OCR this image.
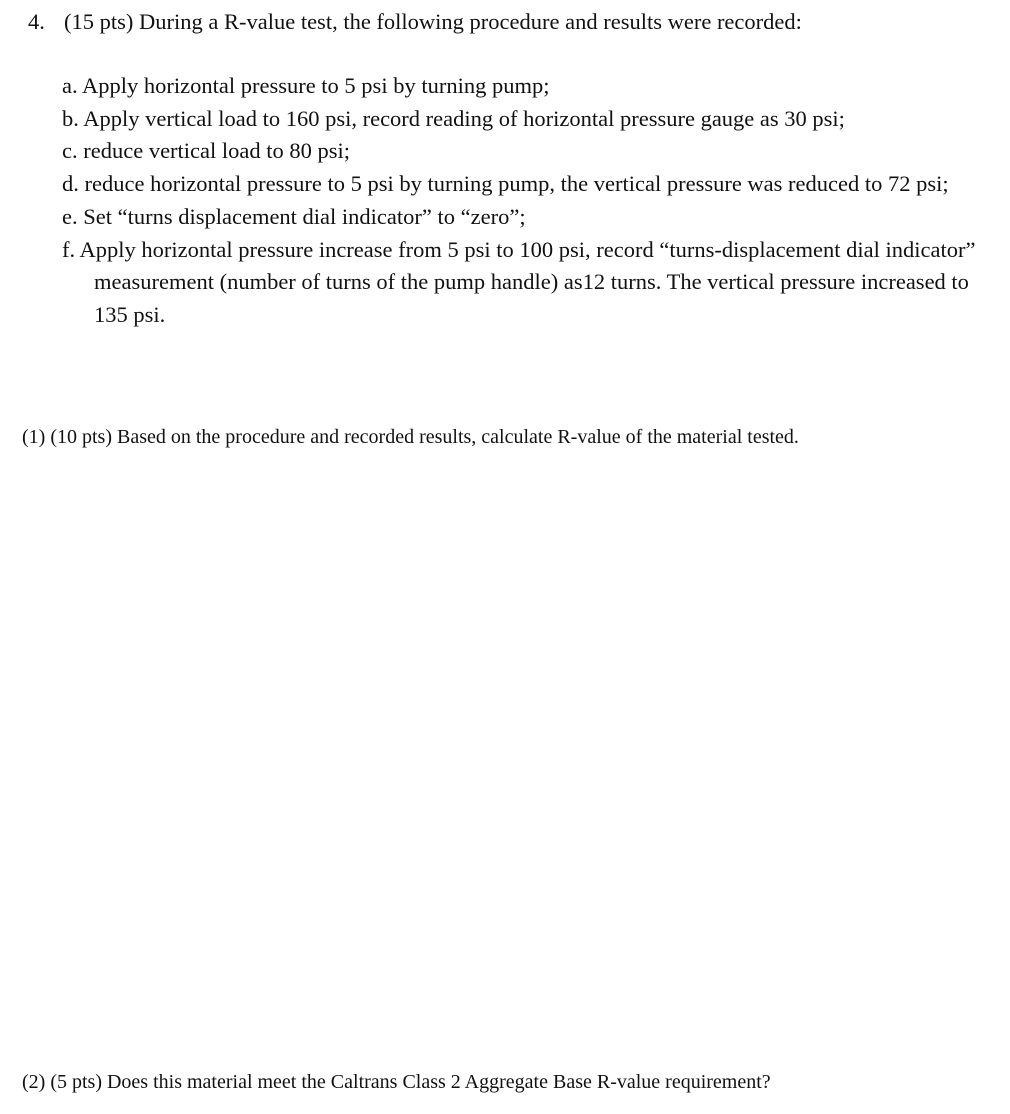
4. (15 pts) During a R-value test, the following procedure and results were recorded:
a. Apply horizontal pressure to 5 psi by turning pump;
b. Apply vertical load to 160 psi, record reading of horizontal pressure gauge as 30 psi;
c. reduce vertical load to 80 psi;
d. reduce horizontal pressure to 5 psi by turning pump, the vertical pressure was reduced to 72 psi;
e. Set “turns displacement dial indicator” to “zero”;
f. Apply horizontal pressure increase from 5 psi to 100 psi, record “turns-displacement dial indicator” measurement (number of turns of the pump handle) as12 turns. The vertical pressure increased to 135 psi.
(1) (10 pts) Based on the procedure and recorded results, calculate R-value of the material tested.
(2) (5 pts) Does this material meet the Caltrans Class 2 Aggregate Base R-value requirement?
